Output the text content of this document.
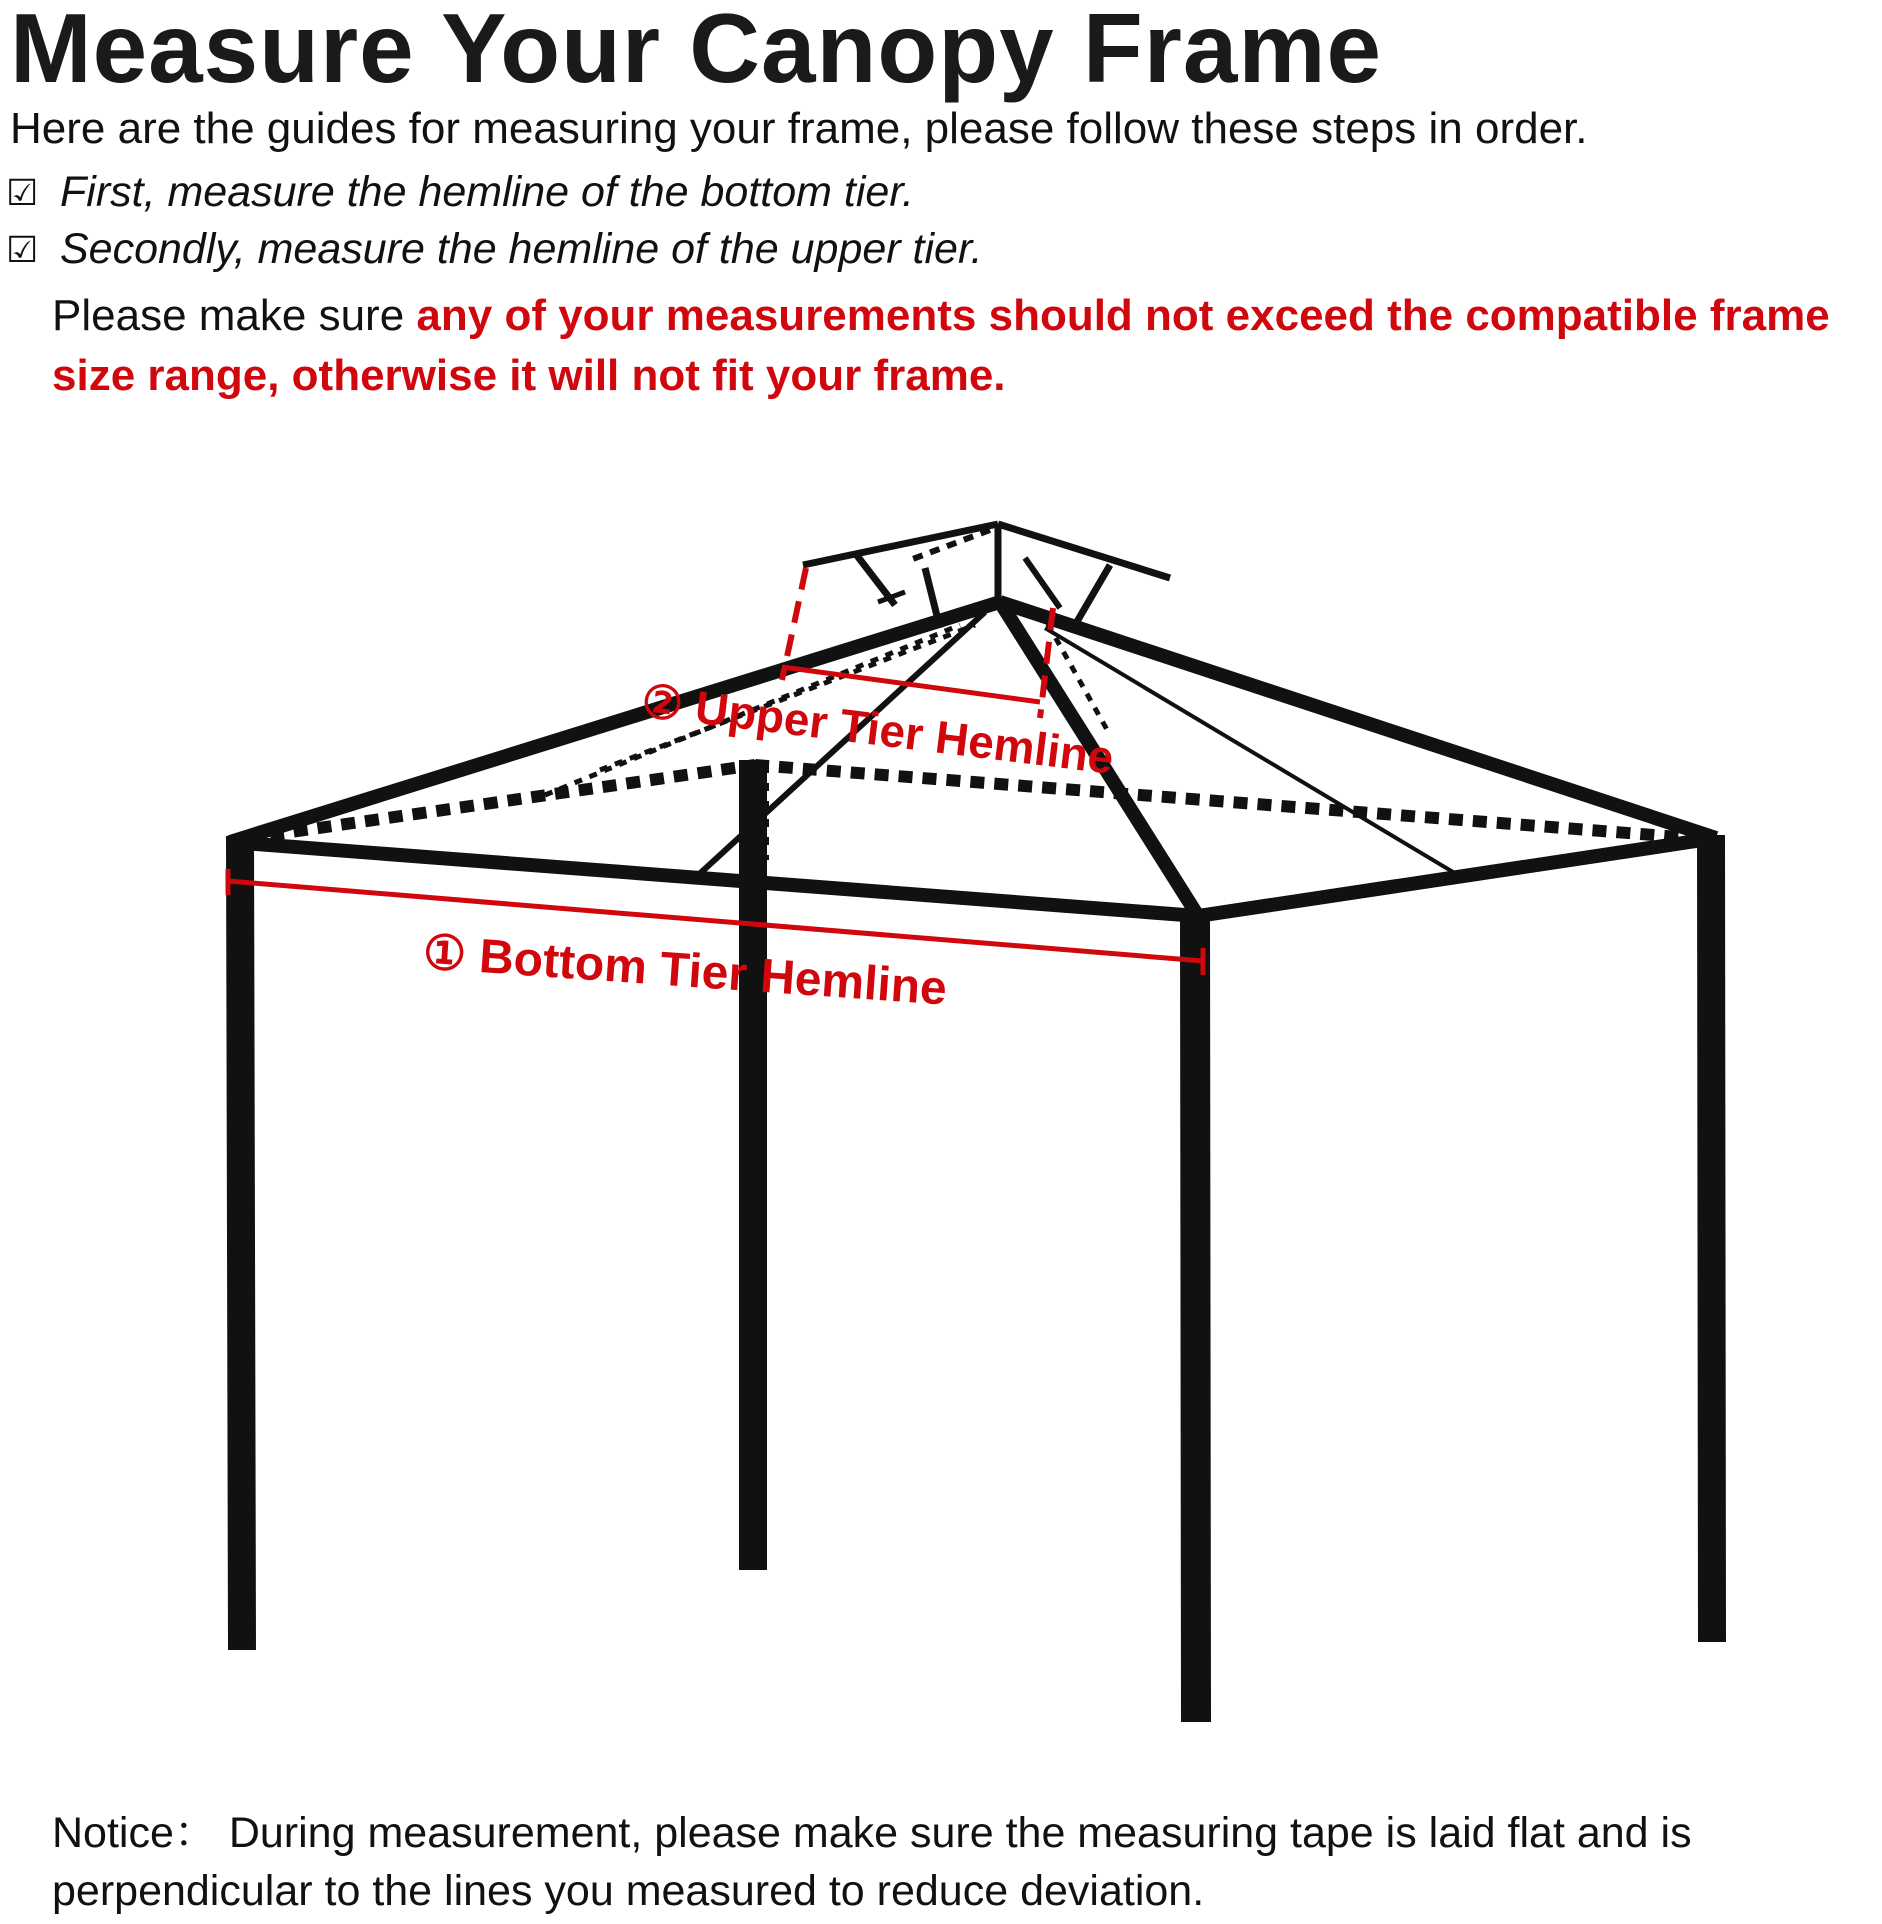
Measure Your Canopy Frame

Here are the guides for measuring your frame, please follow these steps in order.

☑ First, measure the hemline of the bottom tier.
☑ Secondly, measure the hemline of the upper tier.

Please make sure any of your measurements should not exceed the compatible frame size range, otherwise it will not fit your frame.

② Upper Tier Hemline
① Bottom Tier Hemline

Notice： During measurement, please make sure the measuring tape is laid flat and is perpendicular to the lines you measured to reduce deviation.
